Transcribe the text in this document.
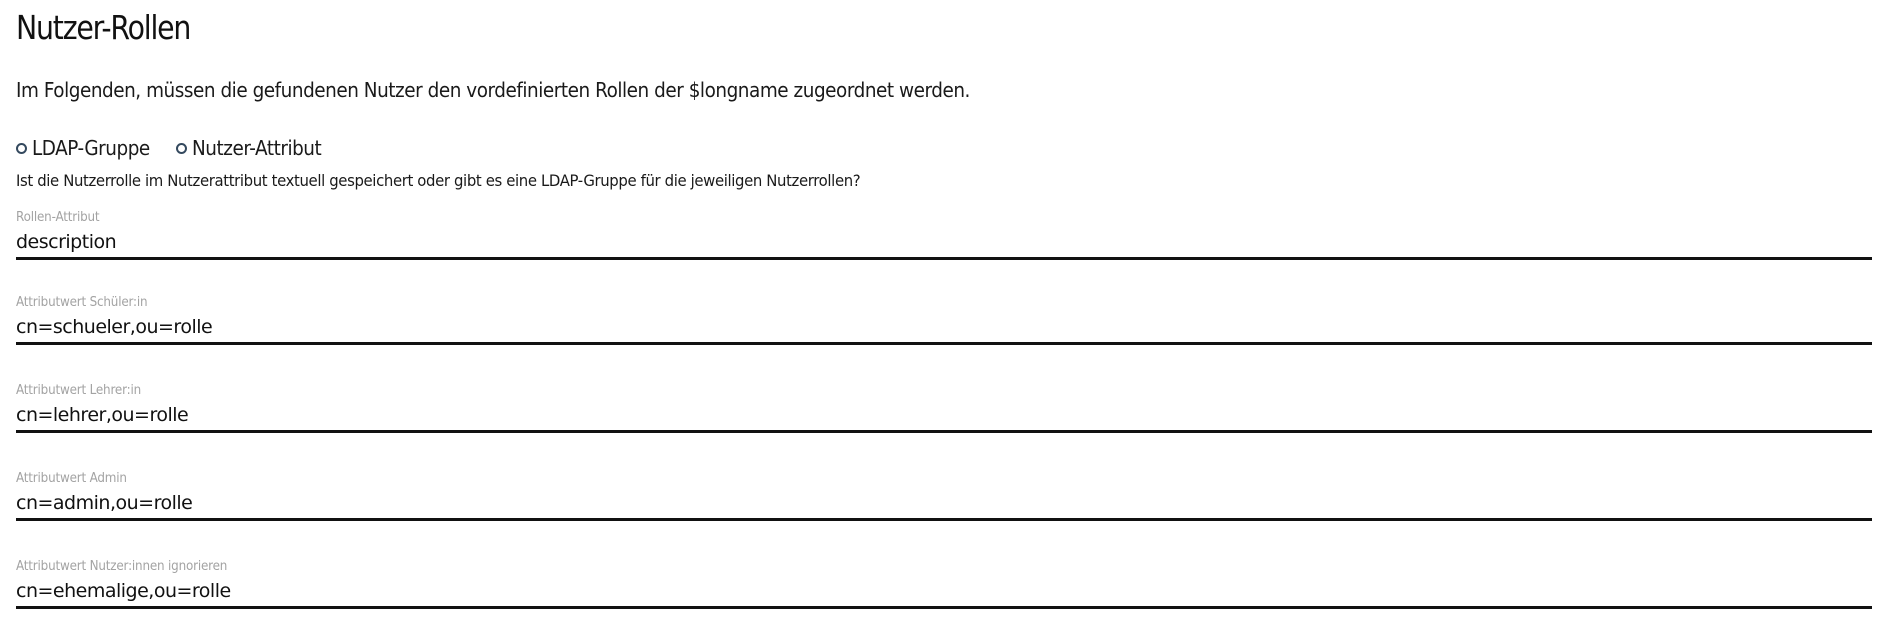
Nutzer-Rollen

Im Folgenden, müssen die gefundenen Nutzer den vordefinierten Rollen der $longname zugeordnet werden.

LDAP-Gruppe Nutzer-Attribut

Ist die Nutzerrolle im Nutzerattribut textuell gespeichert oder gibt es eine LDAP-Gruppe für die jeweiligen Nutzerrollen?

Rollen-Attribut
description
Attributwert Schüler:in
cn=schueler,ou=rolle
Attributwert Lehrer:in
cn=lehrer,ou=rolle
Attributwert Admin
cn=admin,ou=rolle
Attributwert Nutzer:innen ignorieren
cn=ehemalige,ou=rolle
